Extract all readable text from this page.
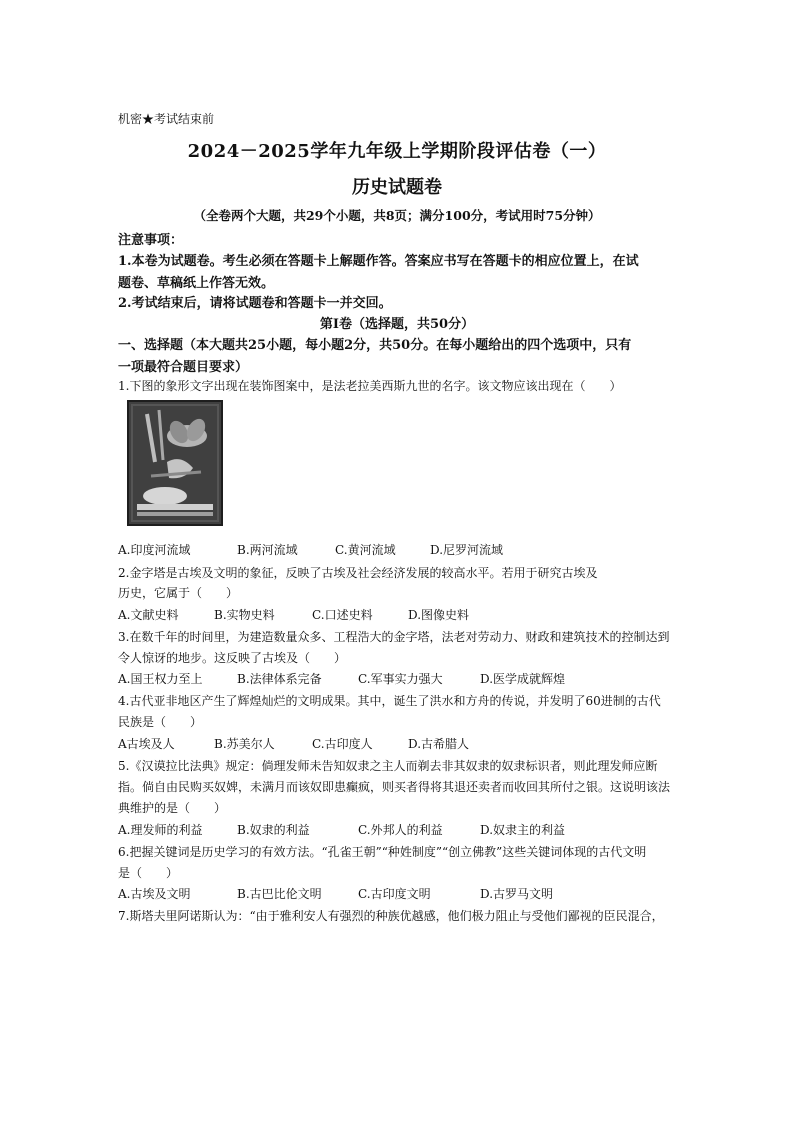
机密★考试结束前
2024－2025学年九年级上学期阶段评估卷（一）
历史试题卷
（全卷两个大题，共29个小题，共8页；满分100分，考试用时75分钟）
注意事项：
1.本卷为试题卷。考生必须在答题卡上解题作答。答案应书写在答题卡的相应位置上，在试
题卷、草稿纸上作答无效。
2.考试结束后，请将试题卷和答题卡一并交回。
第Ⅰ卷（选择题，共50分）
一、选择题（本大题共25小题，每小题2分，共50分。在每小题给出的四个选项中，只有
一项最符合题目要求）
1.下图的象形文字出现在装饰图案中，是法老拉美西斯九世的名字。该文物应该出现在（　　）
A.印度河流域	B.两河流域	C.黄河流域	D.尼罗河流域
2.金字塔是古埃及文明的象征，反映了古埃及社会经济发展的较高水平。若用于研究古埃及
历史，它属于（　　）
A.文献史料	B.实物史料	C.口述史料	D.图像史料
3.在数千年的时间里，为建造数量众多、工程浩大的金字塔，法老对劳动力、财政和建筑技术的控制达到
令人惊讶的地步。这反映了古埃及（　　）
A.国王权力至上	B.法律体系完备	C.军事实力强大	D.医学成就辉煌
4.古代亚非地区产生了辉煌灿烂的文明成果。其中，诞生了洪水和方舟的传说，并发明了60进制的古代
民族是（　　）
A古埃及人	B.苏美尔人	C.古印度人	D.古希腊人
5.《汉谟拉比法典》规定：倘理发师未告知奴隶之主人而剃去非其奴隶的奴隶标识者，则此理发师应断
指。倘自由民购买奴婢，未满月而该奴即患癫疯，则买者得将其退还卖者而收回其所付之银。这说明该法
典维护的是（　　）
A.理发师的利益	B.奴隶的利益	C.外邦人的利益	D.奴隶主的利益
6.把握关键词是历史学习的有效方法。“孔雀王朝”“种姓制度”“创立佛教”这些关键词体现的古代文明
是（　　）
A.古埃及文明	B.古巴比伦文明	C.古印度文明	D.古罗马文明
7.斯塔夫里阿诺斯认为：“由于雅利安人有强烈的种族优越感，他们极力阻止与受他们鄙视的臣民混合，
